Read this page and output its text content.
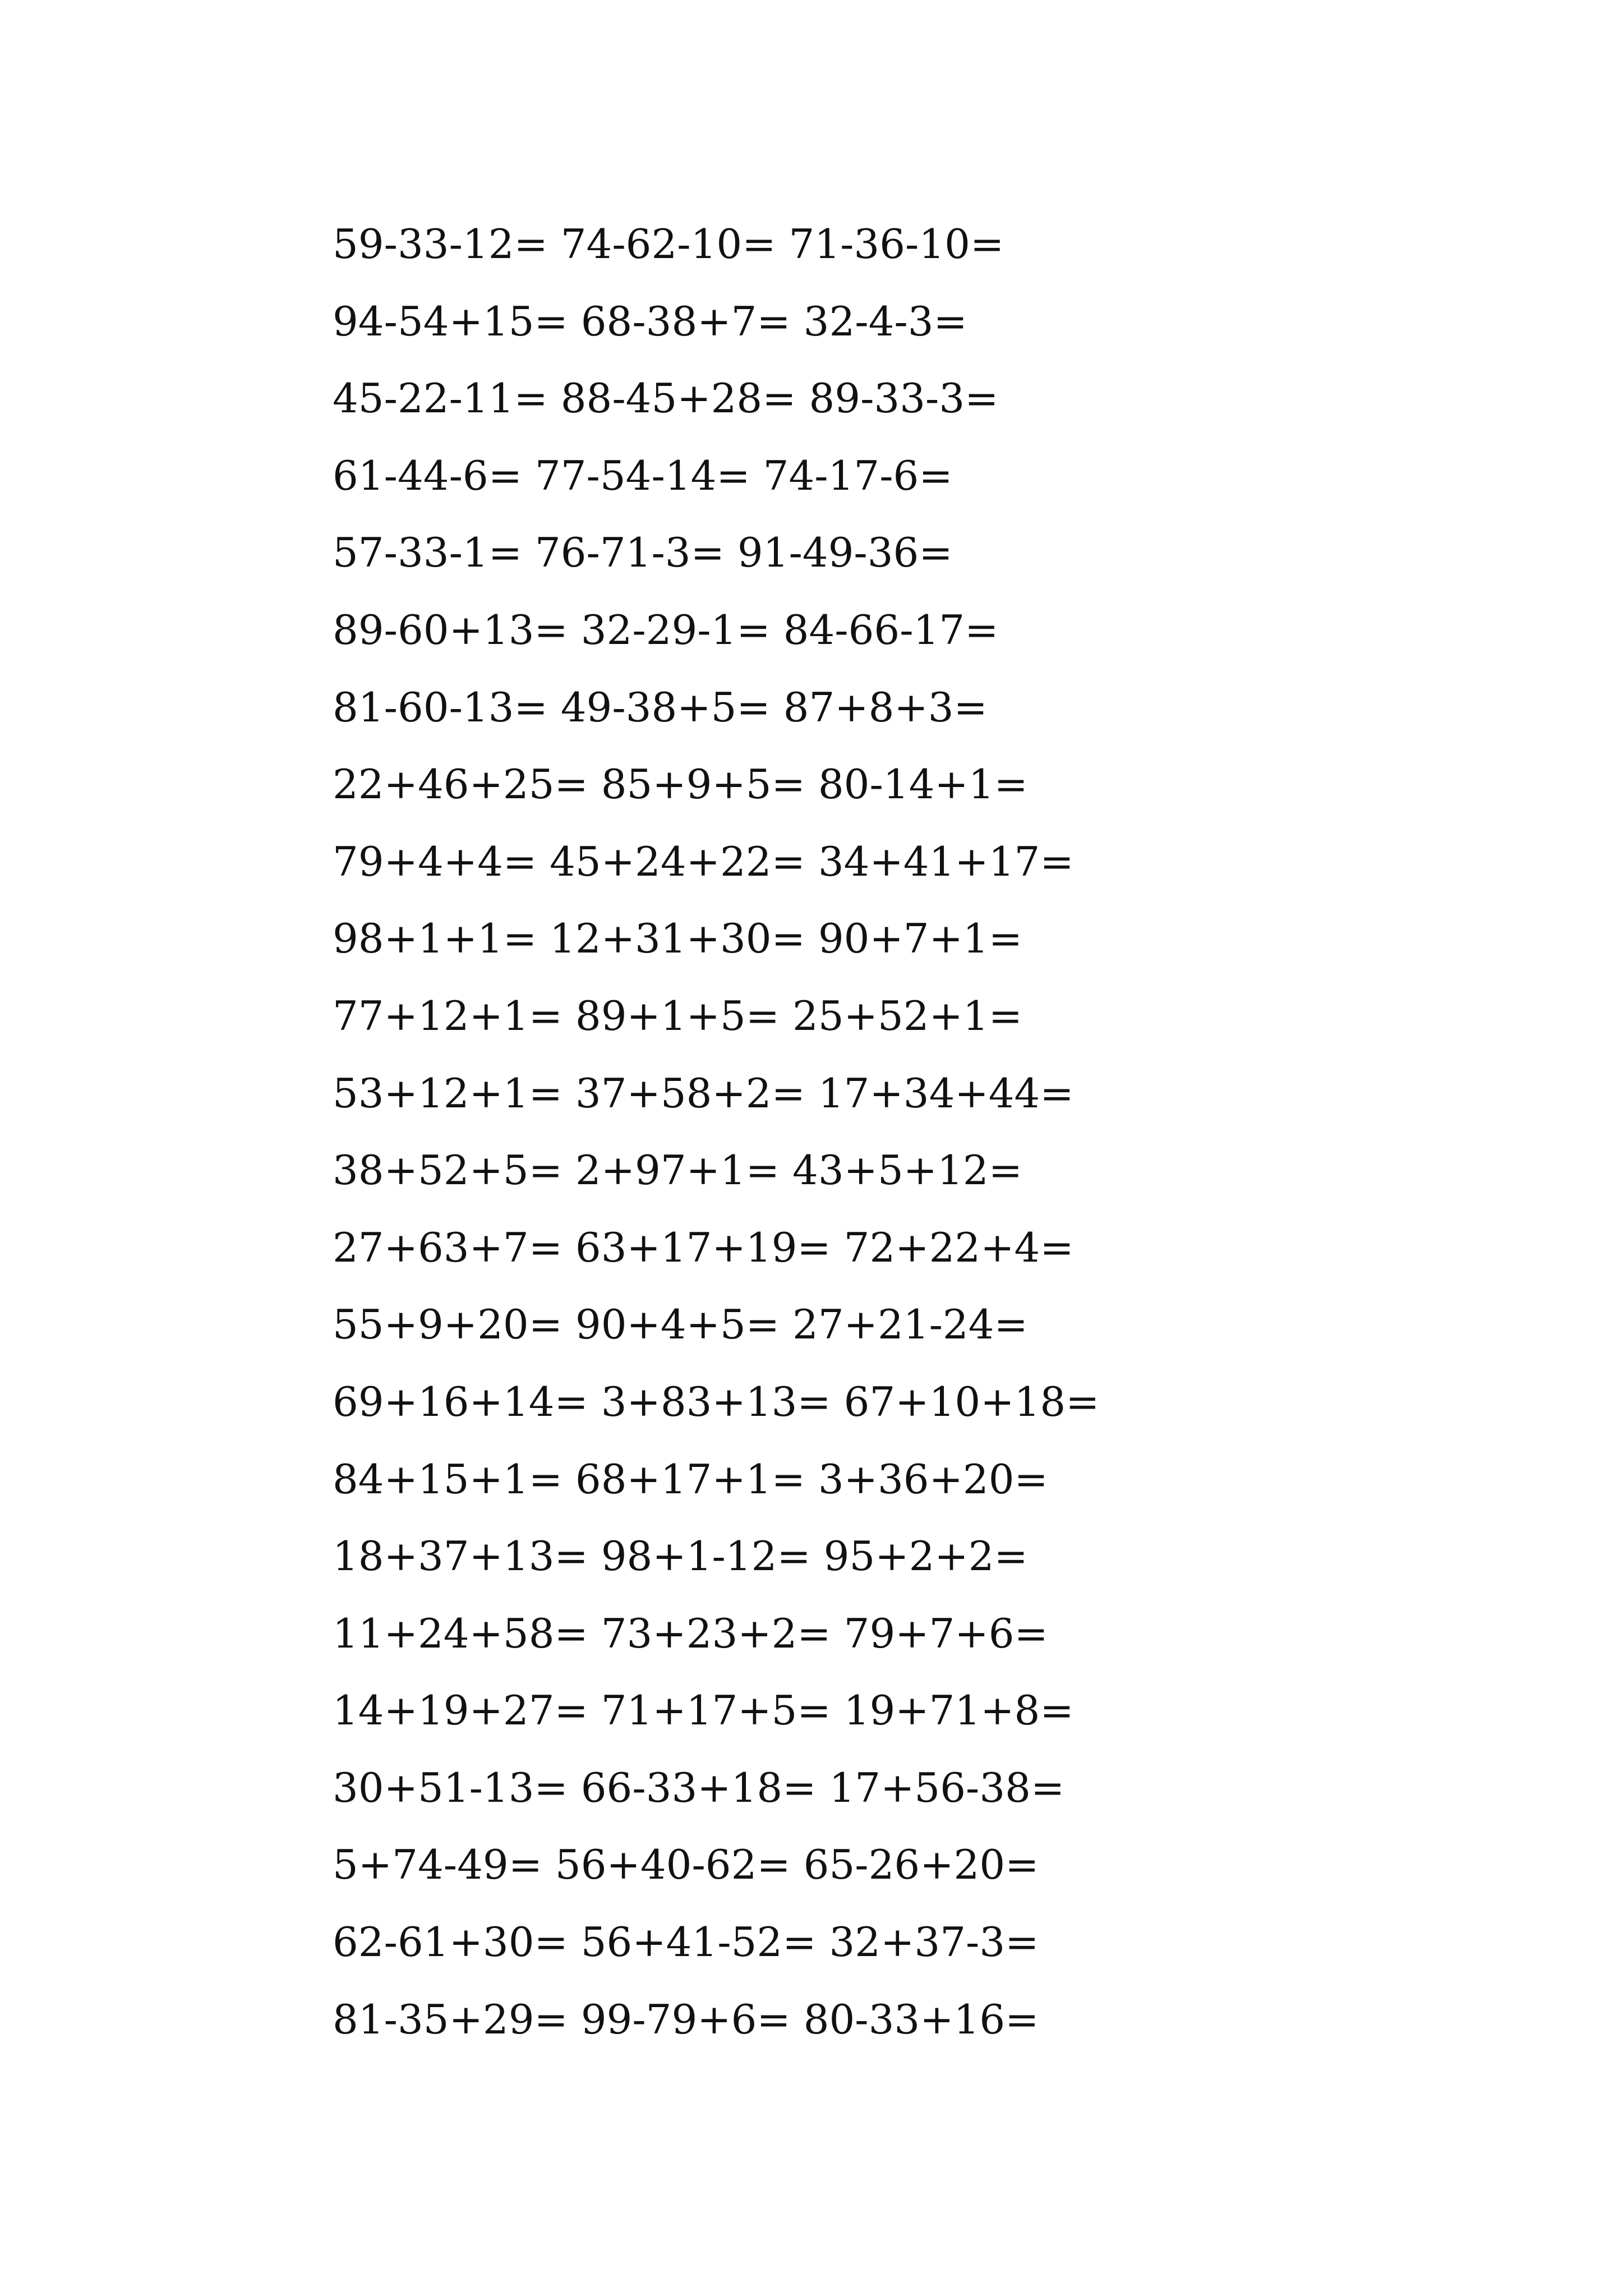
59-33-12= 74-62-10= 71-36-10=
94-54+15= 68-38+7= 32-4-3=
45-22-11= 88-45+28= 89-33-3=
61-44-6= 77-54-14= 74-17-6=
57-33-1= 76-71-3= 91-49-36=
89-60+13= 32-29-1= 84-66-17=
81-60-13= 49-38+5= 87+8+3=
22+46+25= 85+9+5= 80-14+1=
79+4+4= 45+24+22= 34+41+17=
98+1+1= 12+31+30= 90+7+1=
77+12+1= 89+1+5= 25+52+1=
53+12+1= 37+58+2= 17+34+44=
38+52+5= 2+97+1= 43+5+12=
27+63+7= 63+17+19= 72+22+4=
55+9+20= 90+4+5= 27+21-24=
69+16+14= 3+83+13= 67+10+18=
84+15+1= 68+17+1= 3+36+20=
18+37+13= 98+1-12= 95+2+2=
11+24+58= 73+23+2= 79+7+6=
14+19+27= 71+17+5= 19+71+8=
30+51-13= 66-33+18= 17+56-38=
5+74-49= 56+40-62= 65-26+20=
62-61+30= 56+41-52= 32+37-3=
81-35+29= 99-79+6= 80-33+16=
